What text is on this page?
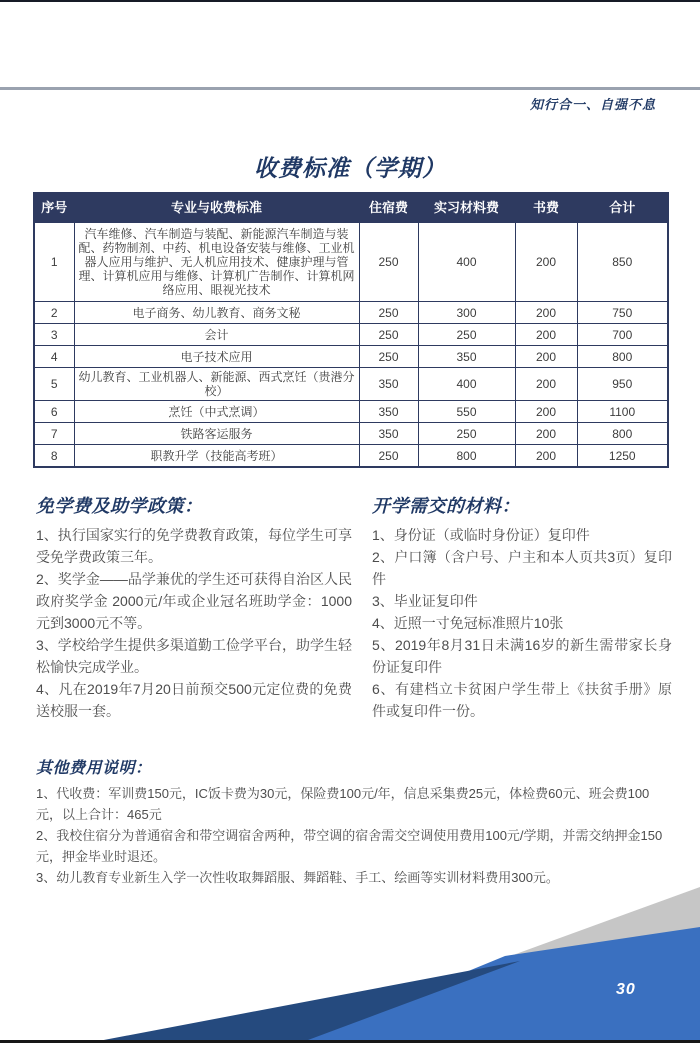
知行合一、自强不息
收费标准（学期）
序号	专业与收费标准	住宿费	实习材料费	书费	合计
1	汽车维修、汽车制造与装配、新能源汽车制造与装配、药物制剂、中药、机电设备安装与维修、工业机器人应用与维护、无人机应用技术、健康护理与管理、计算机应用与维修、计算机广告制作、计算机网络应用、眼视光技术	250	400	200	850
2	电子商务、幼儿教育、商务文秘	250	300	200	750
3	会计	250	250	200	700
4	电子技术应用	250	350	200	800
5	幼儿教育、工业机器人、新能源、西式烹饪（贵港分校）	350	400	200	950
6	烹饪（中式烹调）	350	550	200	1100
7	铁路客运服务	350	250	200	800
8	职教升学（技能高考班）	250	800	200	1250
免学费及助学政策：

1、执行国家实行的免学费教育政策，每位学生可享受免学费政策三年。

2、奖学金——品学兼优的学生还可获得自治区人民政府奖学金 2000元/年或企业冠名班助学金：1000元到3000元不等。

3、学校给学生提供多渠道勤工俭学平台，助学生轻松愉快完成学业。

4、凡在2019年7月20日前预交500元定位费的免费送校服一套。

开学需交的材料：

1、身份证（或临时身份证）复印件

2、户口簿（含户号、户主和本人页共3页）复印件

3、毕业证复印件

4、近照一寸免冠标准照片10张

5、2019年8月31日未满16岁的新生需带家长身份证复印件

6、有建档立卡贫困户学生带上《扶贫手册》原件或复印件一份。

其他费用说明：

1、代收费：军训费150元，IC饭卡费为30元，保险费100元/年，信息采集费25元，体检费60元、班会费100元，以上合计：465元

2、我校住宿分为普通宿舍和带空调宿舍两种，带空调的宿舍需交空调使用费用100元/学期，并需交纳押金150元，押金毕业时退还。

3、幼儿教育专业新生入学一次性收取舞蹈服、舞蹈鞋、手工、绘画等实训材料费用300元。

30
